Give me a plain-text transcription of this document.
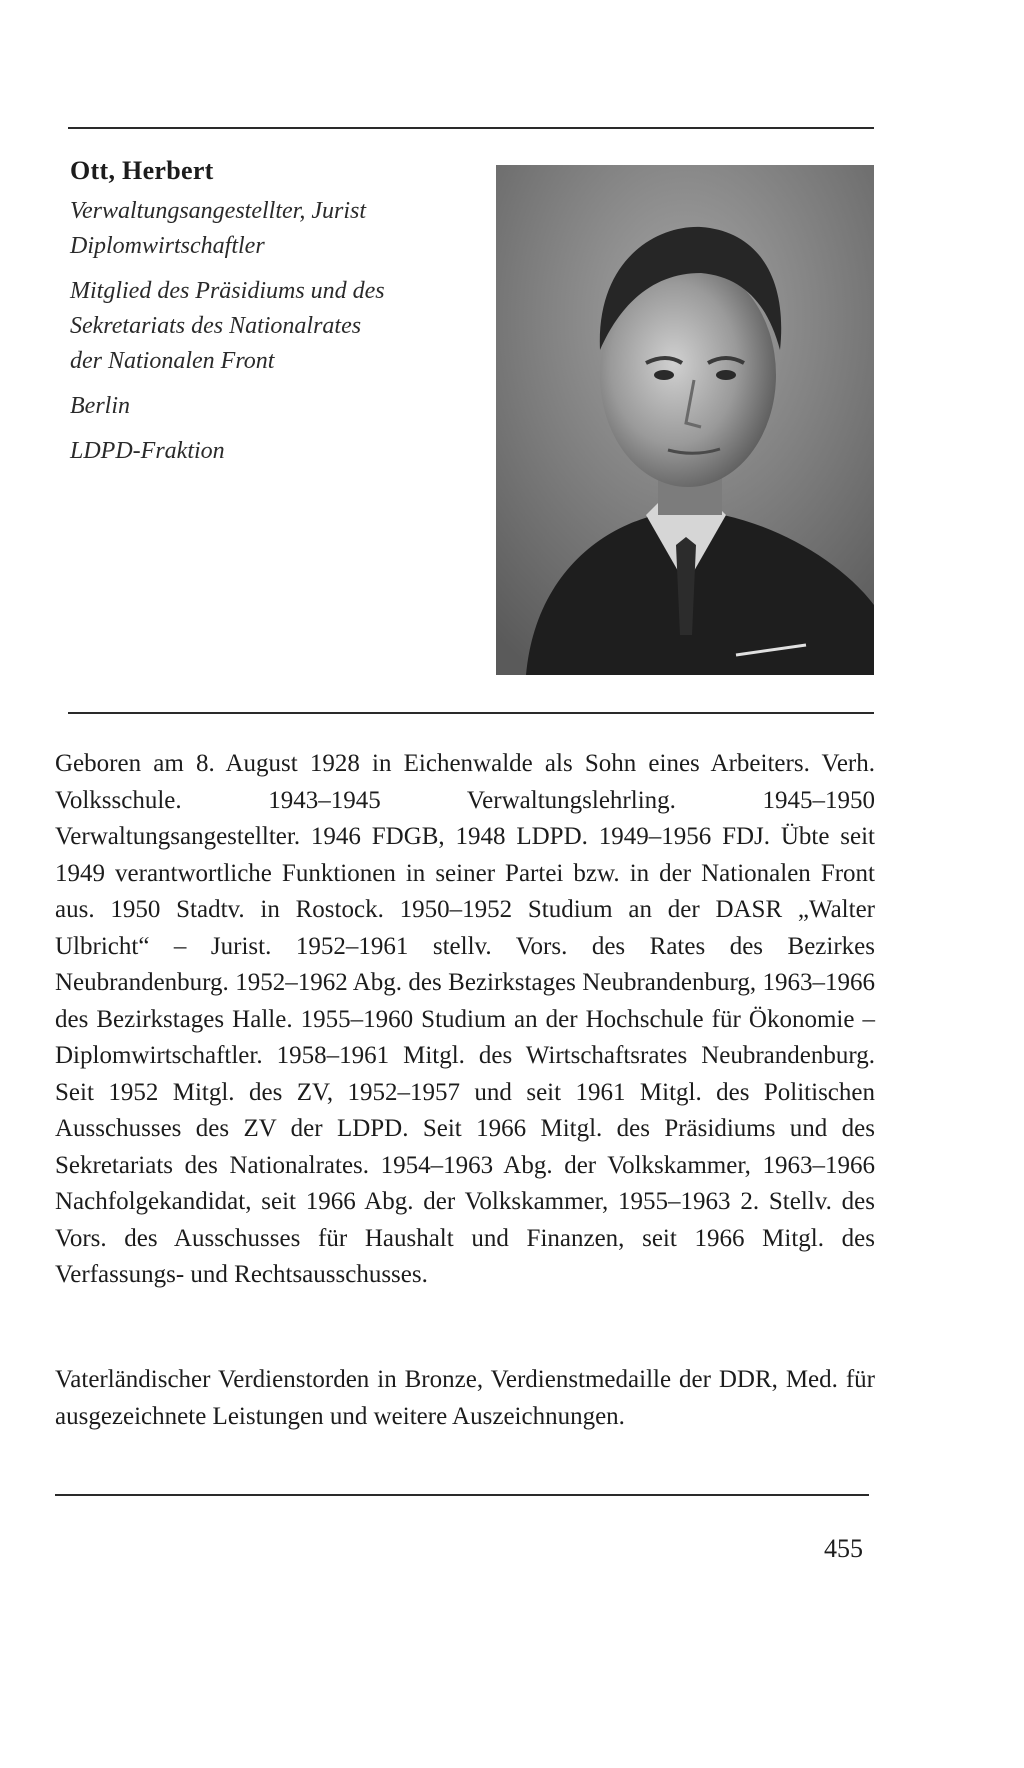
Ott, Herbert
Verwaltungsangestellter, Jurist
Diplomwirtschaftler
Mitglied des Präsidiums und des
Sekretariats des Nationalrates
der Nationalen Front
Berlin
LDPD-Fraktion

Geboren am 8. August 1928 in Eichenwalde als Sohn eines Arbeiters. Verh. Volksschule. 1943–1945 Verwaltungslehrling. 1945–1950 Verwaltungsangestellter. 1946 FDGB, 1948 LDPD. 1949–1956 FDJ. Übte seit 1949 verantwortliche Funktionen in seiner Partei bzw. in der Nationalen Front aus. 1950 Stadtv. in Rostock. 1950–1952 Studium an der DASR „Walter Ulbricht“ – Jurist. 1952–1961 stellv. Vors. des Rates des Bezirkes Neubrandenburg. 1952–1962 Abg. des Bezirkstages Neubrandenburg, 1963–1966 des Bezirkstages Halle. 1955–1960 Studium an der Hochschule für Ökonomie – Diplomwirtschaftler. 1958–1961 Mitgl. des Wirtschaftsrates Neubrandenburg. Seit 1952 Mitgl. des ZV, 1952–1957 und seit 1961 Mitgl. des Politischen Ausschusses des ZV der LDPD. Seit 1966 Mitgl. des Präsidiums und des Sekretariats des Nationalrates. 1954–1963 Abg. der Volkskammer, 1963–1966 Nachfolgekandidat, seit 1966 Abg. der Volkskammer, 1955–1963 2. Stellv. des Vors. des Ausschusses für Haushalt und Finanzen, seit 1966 Mitgl. des Verfassungs- und Rechtsausschusses.

Vaterländischer Verdienstorden in Bronze, Verdienstmedaille der DDR, Med. für ausgezeichnete Leistungen und weitere Auszeichnungen.

455
